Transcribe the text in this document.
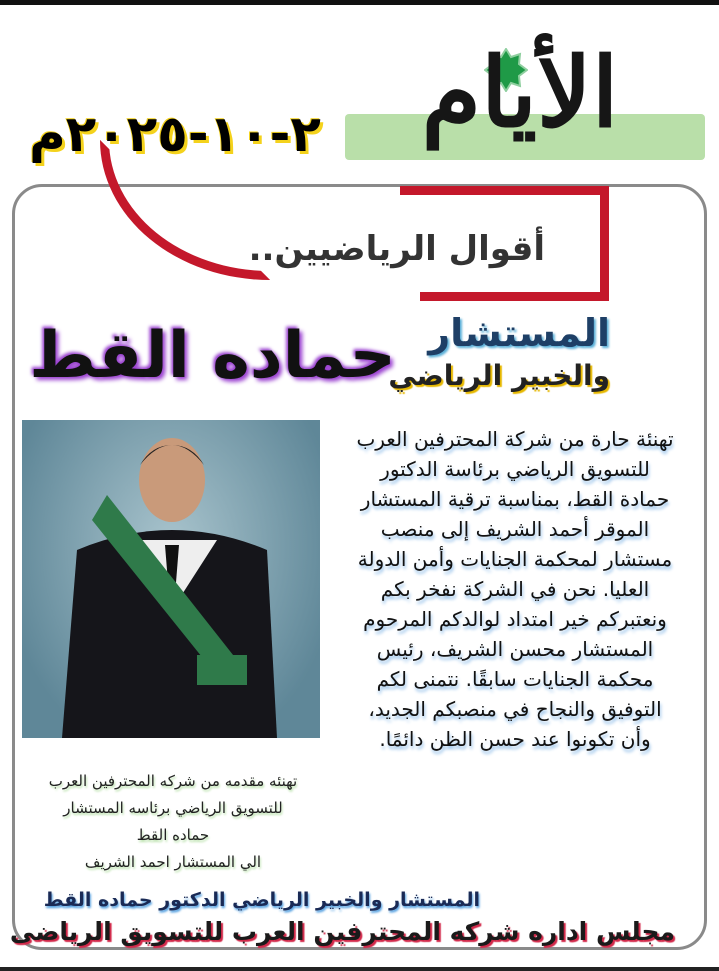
الأيام
٢-١٠-٢٠٢٥م
أقوال الرياضيين..
المستشار
والخبير الرياضي
حماده القط
تهنئة حارة من شركة المحترفين العرب
للتسويق الرياضي برئاسة الدكتور
حمادة القط، بمناسبة ترقية المستشار
الموقر أحمد الشريف إلى منصب
مستشار لمحكمة الجنايات وأمن الدولة
العليا. نحن في الشركة نفخر بكم
ونعتبركم خير امتداد لوالدكم المرحوم
المستشار محسن الشريف، رئيس
محكمة الجنايات سابقًا. نتمنى لكم
التوفيق والنجاح في منصبكم الجديد،
وأن تكونوا عند حسن الظن دائمًا.
تهنئه مقدمه من شركه المحترفين العرب
للتسويق الرياضي برئاسه المستشار
حماده القط
الي المستشار احمد الشريف
المستشار والخبير الرياضي الدكتور حماده القط
مجلس اداره شركه المحترفين العرب للتسويق الرياضى
